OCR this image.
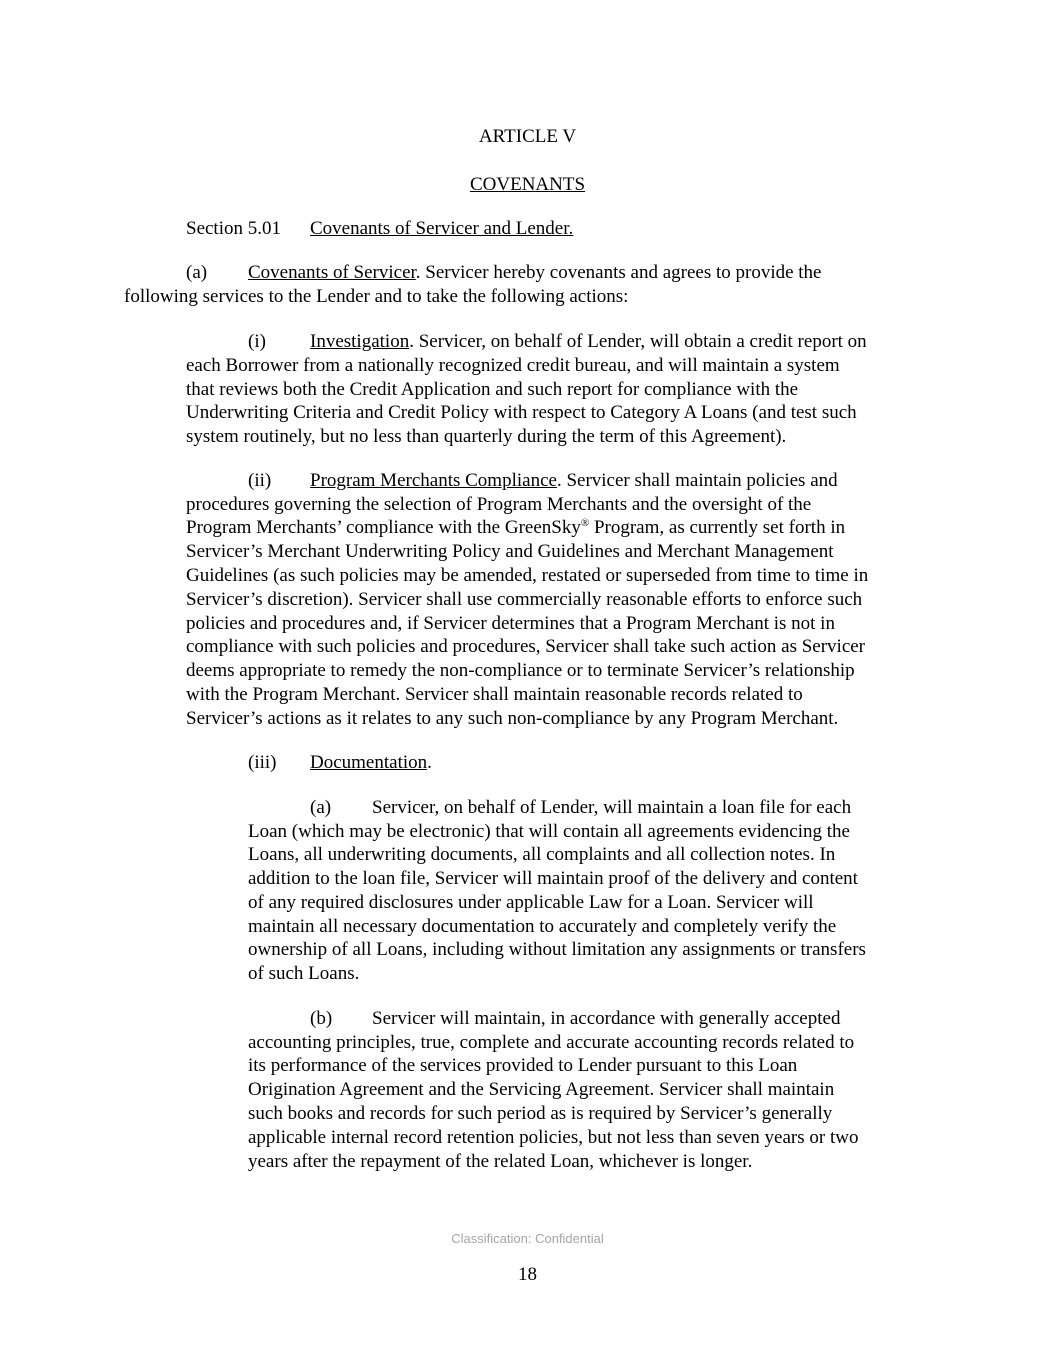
ARTICLE V
COVENANTS
Section 5.01 Covenants of Servicer and Lender.
(a) Covenants of Servicer. Servicer hereby covenants and agrees to provide the
following services to the Lender and to take the following actions:
(i) Investigation. Servicer, on behalf of Lender, will obtain a credit report on
each Borrower from a nationally recognized credit bureau, and will maintain a system
that reviews both the Credit Application and such report for compliance with the
Underwriting Criteria and Credit Policy with respect to Category A Loans (and test such
system routinely, but no less than quarterly during the term of this Agreement).
(ii) Program Merchants Compliance. Servicer shall maintain policies and
procedures governing the selection of Program Merchants and the oversight of the
Program Merchants’ compliance with the GreenSky® Program, as currently set forth in
Servicer’s Merchant Underwriting Policy and Guidelines and Merchant Management
Guidelines (as such policies may be amended, restated or superseded from time to time in
Servicer’s discretion). Servicer shall use commercially reasonable efforts to enforce such
policies and procedures and, if Servicer determines that a Program Merchant is not in
compliance with such policies and procedures, Servicer shall take such action as Servicer
deems appropriate to remedy the non-compliance or to terminate Servicer’s relationship
with the Program Merchant. Servicer shall maintain reasonable records related to
Servicer’s actions as it relates to any such non-compliance by any Program Merchant.
(iii) Documentation.
(a) Servicer, on behalf of Lender, will maintain a loan file for each
Loan (which may be electronic) that will contain all agreements evidencing the
Loans, all underwriting documents, all complaints and all collection notes. In
addition to the loan file, Servicer will maintain proof of the delivery and content
of any required disclosures under applicable Law for a Loan. Servicer will
maintain all necessary documentation to accurately and completely verify the
ownership of all Loans, including without limitation any assignments or transfers
of such Loans.
(b) Servicer will maintain, in accordance with generally accepted
accounting principles, true, complete and accurate accounting records related to
its performance of the services provided to Lender pursuant to this Loan
Origination Agreement and the Servicing Agreement. Servicer shall maintain
such books and records for such period as is required by Servicer’s generally
applicable internal record retention policies, but not less than seven years or two
years after the repayment of the related Loan, whichever is longer.
Classification: Confidential
18
